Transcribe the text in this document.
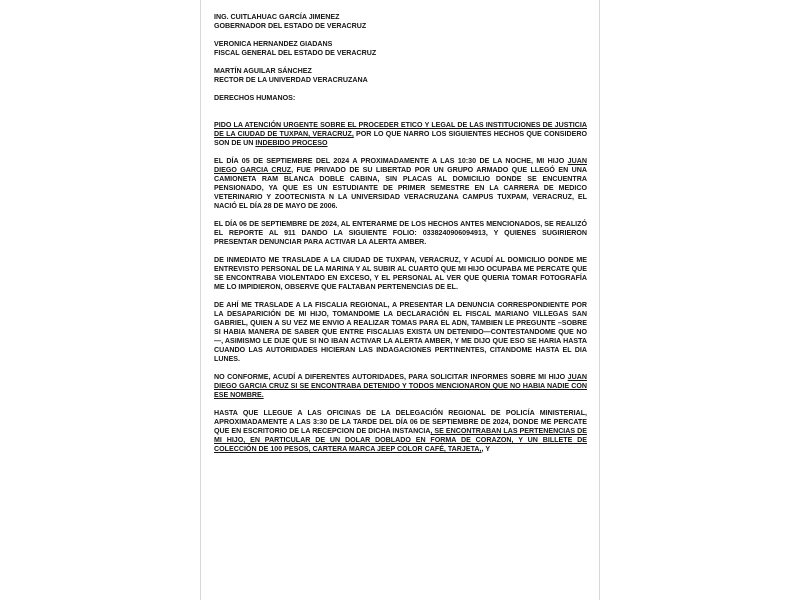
ING. CUITLAHUAC GARCÍA JIMENEZ
GOBERNADOR DEL ESTADO DE VERACRUZ
VERONICA HERNANDEZ GIADANS
FISCAL GENERAL DEL ESTADO DE VERACRUZ
MARTÍN AGUILAR SÁNCHEZ
RECTOR DE LA UNIVERDAD VERACRUZANA
DERECHOS HUMANOS:

PIDO LA ATENCIÓN URGENTE SOBRE EL PROCEDER ETICO Y LEGAL DE LAS INSTITUCIONES DE JUSTICIA DE LA CIUDAD DE TUXPAN, VERACRUZ, POR LO QUE NARRO LOS SIGUIENTES HECHOS QUE CONSIDERO SON DE UN INDEBIDO PROCESO

EL DÍA 05 DE SEPTIEMBRE DEL 2024 A PROXIMADAMENTE A LAS 10:30 DE LA NOCHE, MI HIJO JUAN DIEGO GARCIA CRUZ, FUE PRIVADO DE SU LIBERTAD POR UN GRUPO ARMADO QUE LLEGÓ EN UNA CAMIONETA RAM BLANCA DOBLE CABINA, SIN PLACAS AL DOMICILIO DONDE SE ENCUENTRA PENSIONADO, YA QUE ES UN ESTUDIANTE DE PRIMER SEMESTRE EN LA CARRERA DE MEDICO VETERINARIO Y ZOOTECNISTA N LA UNIVERSIDAD VERACRUZANA CAMPUS TUXPAM, VERACRUZ, EL NACIÓ EL DÍA 28 DE MAYO DE 2006.

EL DÍA 06 DE SEPTIEMBRE DE 2024, AL ENTERARME DE LOS HECHOS ANTES MENCIONADOS, SE REALIZÓ EL REPORTE AL 911 DANDO LA SIGUIENTE FOLIO: 0338240906094913, Y QUIENES SUGIRIERON PRESENTAR DENUNCIAR PARA ACTIVAR LA ALERTA AMBER.

DE INMEDIATO ME TRASLADE A LA CIUDAD DE TUXPAN, VERACRUZ, Y ACUDÍ AL DOMICILIO DONDE ME ENTREVISTO PERSONAL DE LA MARINA Y AL SUBIR AL CUARTO QUE MI HIJO OCUPABA ME PERCATE QUE SE ENCONTRABA VIOLENTADO EN EXCESO, Y EL PERSONAL AL VER QUE QUERIA TOMAR FOTOGRAFÍA ME LO IMPIDIERON, OBSERVE QUE FALTABAN PERTENENCIAS DE EL.

DE AHÍ ME TRASLADE A LA FISCALIA REGIONAL, A PRESENTAR LA DENUNCIA CORRESPONDIENTE POR LA DESAPARICIÓN DE MI HIJO, TOMANDOME LA DECLARACIÓN EL FISCAL MARIANO VILLEGAS SAN GABRIEL, QUIEN A SU VEZ ME ENVIO A REALIZAR TOMAS PARA EL ADN, TAMBIEN LE PREGUNTE –SOBRE SI HABIA MANERA DE SABER QUE ENTRE FISCALIAS EXISTA UN DETENIDO—CONTESTANDOME QUE NO—, ASIMISMO LE DIJE QUE SI NO IBAN ACTIVAR LA ALERTA AMBER, Y ME DIJO QUE ESO SE HARIA HASTA CUANDO LAS AUTORIDADES HICIERAN LAS INDAGACIONES PERTINENTES, CITANDOME HASTA EL DIA LUNES.

NO CONFORME, ACUDÍ A DIFERENTES AUTORIDADES, PARA SOLICITAR INFORMES SOBRE MI HIJO JUAN DIEGO GARCIA CRUZ SI SE ENCONTRABA DETENIDO Y TODOS MENCIONARON QUE NO HABIA NADIE CON ESE NOMBRE.

HASTA QUE LLEGUE A LAS OFICINAS DE LA DELEGACIÓN REGIONAL DE POLICÍA MINISTERIAL, APROXIMADAMENTE A LAS 3:30 DE LA TARDE DEL DÍA 06 DE SEPTIEMBRE DE 2024, DONDE ME PERCATE QUE EN ESCRITORIO DE LA RECEPCION DE DICHA INSTANCIA, SE ENCONTRABAN LAS PERTENENCIAS DE MI HIJO, EN PARTICULAR DE UN DOLAR DOBLADO EN FORMA DE CORAZON, Y UN BILLETE DE COLECCIÓN DE 100 PESOS, CARTERA MARCA JEEP COLOR CAFÉ, TARJETA,, Y
